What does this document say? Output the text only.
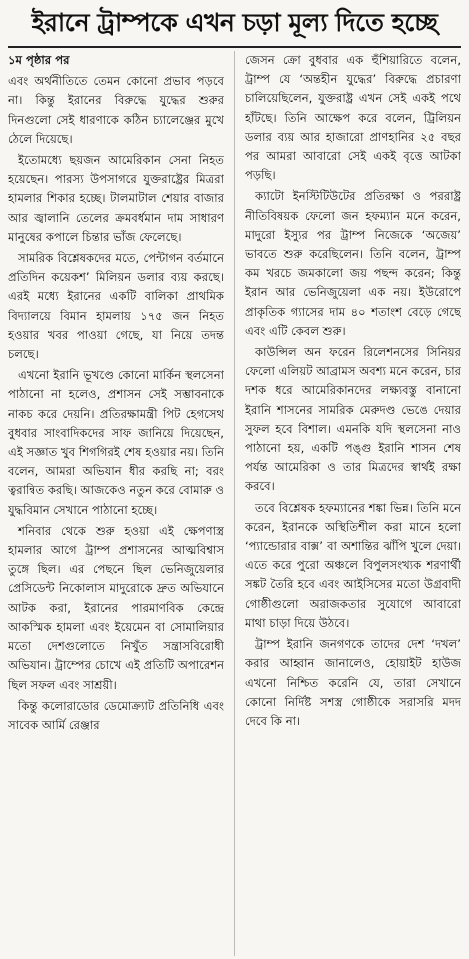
ইরানে ট্রাম্পকে এখন চড়া মূল্য দিতে হচ্ছে

১ম পৃষ্ঠার পর

এবং অর্থনীতিতে তেমন কোনো প্রভাব পড়বে না। কিন্তু ইরানের বিরুদ্ধে যুদ্ধের শুরুর দিনগুলো সেই ধারণাকে কঠিন চ্যালেঞ্জের মুখে ঠেলে দিয়েছে।

ইতোমধ্যে ছয়জন আমেরিকান সেনা নিহত হয়েছেন। পারস্য উপসাগরে যুক্তরাষ্ট্রের মিত্ররা হামলার শিকার হচ্ছে। টালমাটাল শেয়ার বাজার আর জ্বালানি তেলের ক্রমবর্ধমান দাম সাধারণ মানুষের কপালে চিন্তার ভাঁজ ফেলেছে।

সামরিক বিশ্লেষকদের মতে, পেন্টাগন বর্তমানে প্রতিদিন কয়েকশ’ মিলিয়ন ডলার ব্যয় করছে। এরই মধ্যে ইরানের একটি বালিকা প্রাথমিক বিদ্যালয়ে বিমান হামলায় ১৭৫ জন নিহত হওয়ার খবর পাওয়া গেছে, যা নিয়ে তদন্ত চলছে।

এখনো ইরানি ভূখণ্ডে কোনো মার্কিন স্থলসেনা পাঠানো না হলেও, প্রশাসন সেই সম্ভাবনাকে নাকচ করে দেয়নি। প্রতিরক্ষামন্ত্রী পিট হেগসেথ বুধবার সাংবাদিকদের সাফ জানিয়ে দিয়েছেন, এই সজ্ঞাত খুব শিগগিরই শেষ হওয়ার নয়। তিনি বলেন, আমরা অভিযান ধীর করছি না; বরং ত্বরান্বিত করছি। আজকেও নতুন করে বোমারু ও যুদ্ধবিমান সেখানে পাঠানো হচ্ছে।

শনিবার থেকে শুরু হওয়া এই ক্ষেপণাস্ত্র হামলার আগে ট্রাম্প প্রশাসনের আত্মবিশ্বাস তুঙ্গে ছিল। এর পেছনে ছিল ভেনিজুয়েলার প্রেসিডেন্ট নিকোলাস মাদুরোকে দ্রুত অভিযানে আটক করা, ইরানের পারমাণবিক কেন্দ্রে আকস্মিক হামলা এবং ইয়েমেন বা সোমালিয়ার মতো দেশগুলোতে নিখুঁত সন্ত্রাসবিরোধী অভিযান। ট্রাম্পের চোখে এই প্রতিটি অপারেশন ছিল সফল এবং সাশ্রয়ী।

কিন্তু কলোরাডোর ডেমোক্র্যাট প্রতিনিধি এবং সাবেক আর্মি রেঞ্জার

জেসন ক্রো বুধবার এক হুঁশিয়ারিতে বলেন, ট্রাম্প যে ‘অন্তহীন যুদ্ধের’ বিরুদ্ধে প্রচারণা চালিয়েছিলেন, যুক্তরাষ্ট্র এখন সেই একই পথে হাঁটছে। তিনি আক্ষেপ করে বলেন, ট্রিলিয়ন ডলার ব্যয় আর হাজারো প্রাণহানির ২৫ বছর পর আমরা আবারো সেই একই বৃত্তে আটকা পড়ছি।

ক্যাটো ইনস্টিটিউটের প্রতিরক্ষা ও পররাষ্ট্র নীতিবিষয়ক ফেলো জন হফম্যান মনে করেন, মাদুরো ইস্যুর পর ট্রাম্প নিজেকে ‘অজেয়’ ভাবতে শুরু করেছিলেন। তিনি বলেন, ট্রাম্প কম খরচে জমকালো জয় পছন্দ করেন; কিন্তু ইরান আর ভেনিজুয়েলা এক নয়। ইউরোপে প্রাকৃতিক গ্যাসের দাম ৪০ শতাংশ বেড়ে গেছে এবং এটি কেবল শুরু।

কাউন্সিল অন ফরেন রিলেশনসের সিনিয়র ফেলো এলিয়ট আব্রামস অবশ্য মনে করেন, চার দশক ধরে আমেরিকানদের লক্ষ্যবস্তু বানানো ইরানি শাসনের সামরিক মেরুদণ্ড ভেঙে দেয়ার সুফল হবে বিশাল। এমনকি যদি স্থলসেনা নাও পাঠানো হয়, একটি পঙ্গু ইরানি শাসন শেষ পর্যন্ত আমেরিকা ও তার মিত্রদের স্বার্থই রক্ষা করবে।

তবে বিশ্লেষক হফম্যানের শঙ্কা ভিন্ন। তিনি মনে করেন, ইরানকে অস্থিতিশীল করা মানে হলো ‘প্যান্ডোরার বাক্স’ বা অশান্তির ঝাঁপি খুলে দেয়া। এতে করে পুরো অঞ্চলে বিপুলসংখ্যক শরণার্থী সঙ্কট তৈরি হবে এবং আইসিসের মতো উগ্রবাদী গোষ্ঠীগুলো অরাজকতার সুযোগে আবারো মাথা চাড়া দিয়ে উঠবে।

ট্রাম্প ইরানি জনগণকে তাদের দেশ ‘দখল’ করার আহ্বান জানালেও, হোয়াইট হাউজ এখনো নিশ্চিত করেনি যে, তারা সেখানে কোনো নির্দিষ্ট সশস্ত্র গোষ্ঠীকে সরাসরি মদদ দেবে কি না।
